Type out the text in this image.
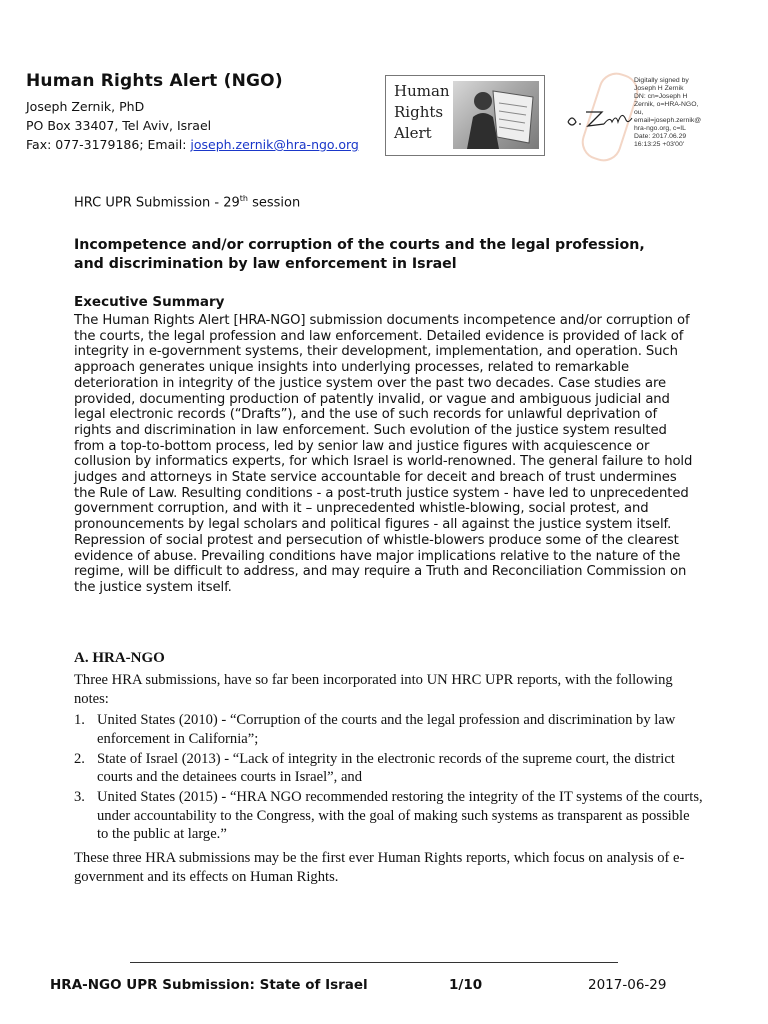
Human Rights Alert (NGO)
Joseph Zernik, PhD
PO Box 33407, Tel Aviv, Israel
Fax: 077-3179186; Email: joseph.zernik@hra-ngo.org
Human
Rights
Alert
Digitally signed by
Joseph H Zernik
DN: cn=Joseph H
Zernik, o=HRA-NGO,
ou,
email=joseph.zernik@
hra-ngo.org, c=IL
Date: 2017.06.29
16:13:25 +03'00'
HRC UPR Submission - 29th session
Incompetence and/or corruption of the courts and the legal profession, and discrimination by law enforcement in Israel
Executive Summary
The Human Rights Alert [HRA-NGO] submission documents incompetence and/or corruption of the courts, the legal profession and law enforcement. Detailed evidence is provided of lack of integrity in e-government systems, their development, implementation, and operation. Such approach generates unique insights into underlying processes, related to remarkable deterioration in integrity of the justice system over the past two decades. Case studies are provided, documenting production of patently invalid, or vague and ambiguous judicial and legal electronic records (“Drafts”), and the use of such records for unlawful deprivation of rights and discrimination in law enforcement. Such evolution of the justice system resulted from a top-to-bottom process, led by senior law and justice figures with acquiescence or collusion by informatics experts, for which Israel is world-renowned. The general failure to hold judges and attorneys in State service accountable for deceit and breach of trust undermines the Rule of Law. Resulting conditions - a post-truth justice system - have led to unprecedented government corruption, and with it – unprecedented whistle-blowing, social protest, and pronouncements by legal scholars and political figures - all against the justice system itself. Repression of social protest and persecution of whistle-blowers produce some of the clearest evidence of abuse. Prevailing conditions have major implications relative to the nature of the regime, will be difficult to address, and may require a Truth and Reconciliation Commission on the justice system itself.
A. HRA-NGO
Three HRA submissions, have so far been incorporated into UN HRC UPR reports, with the following notes:
1. United States (2010) - “Corruption of the courts and the legal profession and discrimination by law enforcement in California”;
2. State of Israel (2013) - “Lack of integrity in the electronic records of the supreme court, the district courts and the detainees courts in Israel”, and
3. United States (2015) - “HRA NGO recommended restoring the integrity of the IT systems of the courts, under accountability to the Congress, with the goal of making such systems as transparent as possible to the public at large.”
These three HRA submissions may be the first ever Human Rights reports, which focus on analysis of e-government and its effects on Human Rights.
HRA-NGO UPR Submission: State of Israel	1/10	2017-06-29
